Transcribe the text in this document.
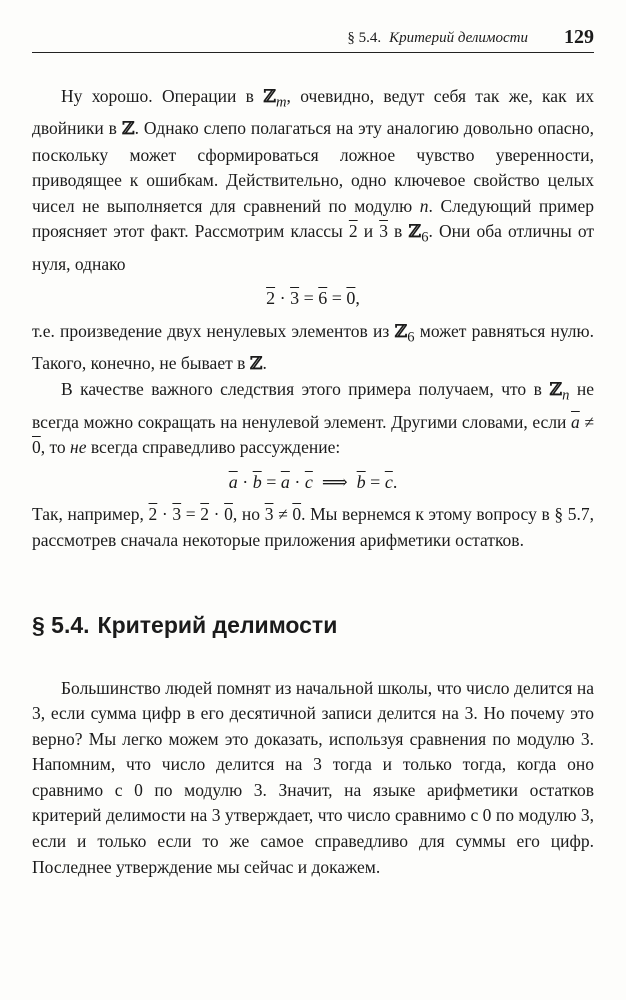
§ 5.4. Критерий делимости 129

Ну хорошо. Операции в ℤ$_m$, очевидно, ведут себя так же, как их двойники в ℤ. Однако слепо полагаться на эту аналогию довольно опасно, поскольку может сформироваться ложное чувство уверенности, приводящее к ошибкам. Действительно, одно ключевое свойство целых чисел не выполняется для сравнений по модулю n. Следующий пример проясняет этот факт. Рассмотрим классы 2 и 3 в ℤ$_6$. Они оба отличны от нуля, однако

2 · 3 = 6 = 0,

т.е. произведение двух ненулевых элементов из ℤ$_6$ может равняться нулю. Такого, конечно, не бывает в ℤ.

В качестве важного следствия этого примера получаем, что в ℤ$_n$ не всегда можно сокращать на ненулевой элемент. Другими словами, если $\overline{a} \ne 0$, то не всегда справедливо рассуждение:

$\overline{a} \cdot \overline{b} = \overline{a} \cdot \overline{c}$  ⟹  $\overline{b} = \overline{c}$.

Так, например, 2 · 3 = 2 · 0, но 3 ≠ 0. Мы вернемся к этому вопросу в § 5.7, рассмотрев сначала некоторые приложения арифметики остатков.

§ 5.4. Критерий делимости

Большинство людей помнят из начальной школы, что число делится на 3, если сумма цифр в его десятичной записи делится на 3. Но почему это верно? Мы легко можем это доказать, используя сравнения по модулю 3. Напомним, что число делится на 3 тогда и только тогда, когда оно сравнимо с 0 по модулю 3. Значит, на языке арифметики остатков критерий делимости на 3 утверждает, что число сравнимо с 0 по модулю 3, если и только если то же самое справедливо для суммы его цифр. Последнее утверждение мы сейчас и докажем.
